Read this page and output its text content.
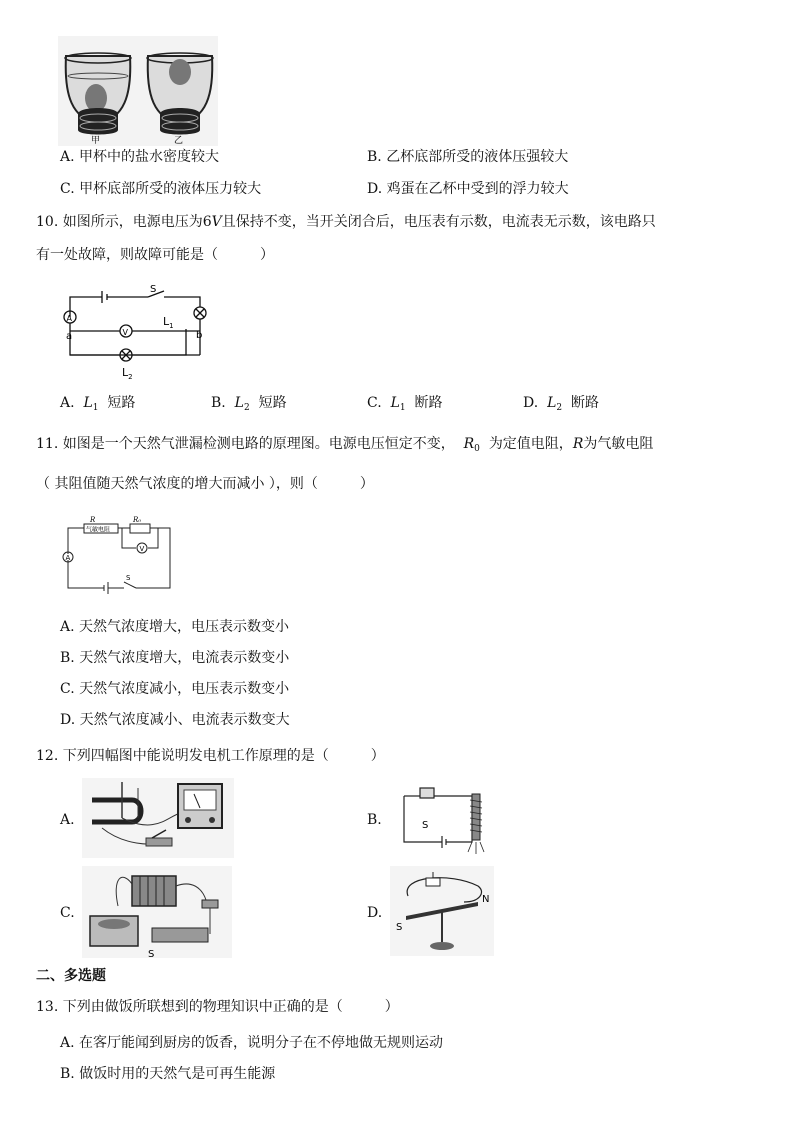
甲	乙
A. 甲杯中的盐水密度较大	B. 乙杯底部所受的液体压强较大
C. 甲杯底部所受的液体压力较大	D. 鸡蛋在乙杯中受到的浮力较大
10. 如图所示，电源电压为6V且保持不变，当开关闭合后，电压表有示数，电流表无示数，该电路只
有一处故障，则故障可能是（　　　）
A
V
S
$L_1$
a	b
$L_2$
A. $L_1$ 短路	B. $L_2$ 短路	C. $L_1$ 断路	D. $L_2$ 断路
11. 如图是一个天然气泄漏检测电路的原理图。电源电压恒定不变， $R_0$ 为定值电阻，R为气敏电阻
（ 其阻值随天然气浓度的增大而减小 ），则（　　　）
R	R₀
气敏电阻
A
V
S
A. 天然气浓度增大，电压表示数变小
B. 天然气浓度增大，电流表示数变小
C. 天然气浓度减小，电压表示数变小
D. 天然气浓度减小、电流表示数变大
12. 下列四幅图中能说明发电机工作原理的是（　　　）
A.	B.	S
C.
S
D.
S
N
二、多选题
13. 下列由做饭所联想到的物理知识中正确的是（　　　）
A. 在客厅能闻到厨房的饭香，说明分子在不停地做无规则运动
B. 做饭时用的天然气是可再生能源
